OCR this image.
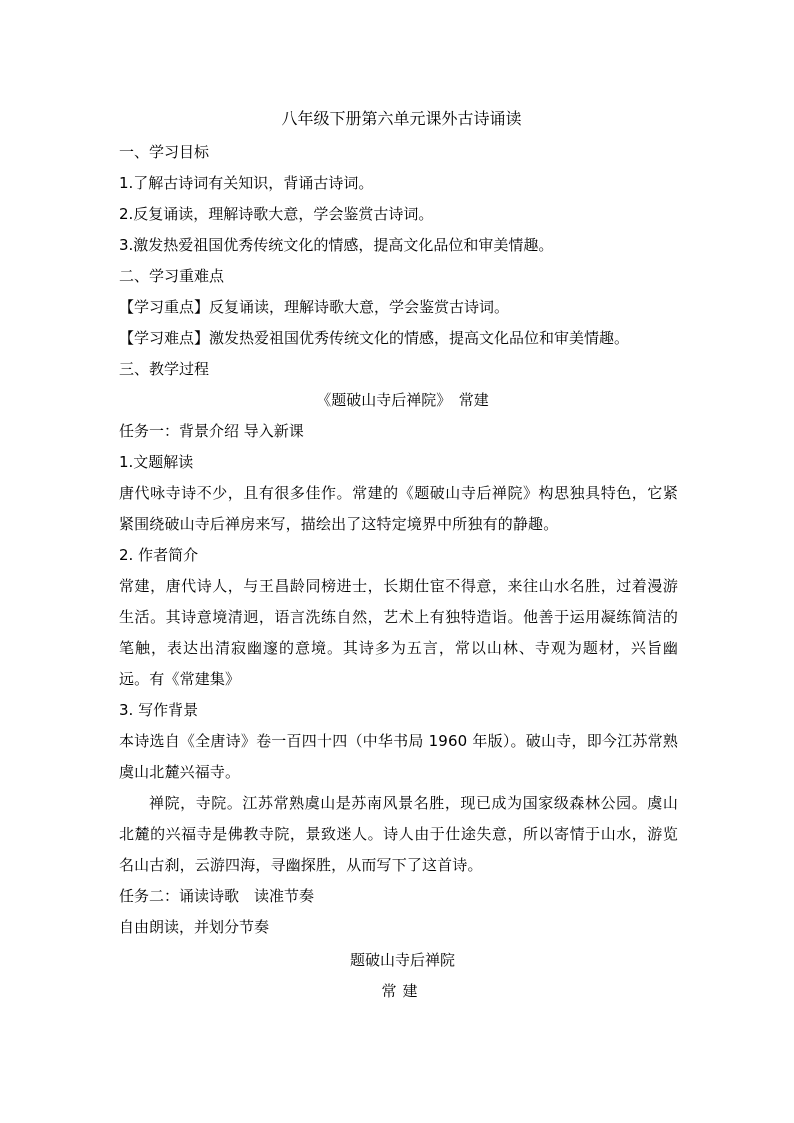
八年级下册第六单元课外古诗诵读

一、学习目标

1.了解古诗词有关知识，背诵古诗词。

2.反复诵读，理解诗歌大意，学会鉴赏古诗词。

3.激发热爱祖国优秀传统文化的情感，提高文化品位和审美情趣。

二、学习重难点

【学习重点】反复诵读，理解诗歌大意，学会鉴赏古诗词。

【学习难点】激发热爱祖国优秀传统文化的情感，提高文化品位和审美情趣。

三、教学过程

《题破山寺后禅院》　常建

任务一：背景介绍 导入新课

1.文题解读

唐代咏寺诗不少，且有很多佳作。常建的《题破山寺后禅院》构思独具特色，它紧紧围绕破山寺后禅房来写，描绘出了这特定境界中所独有的静趣。

2. 作者简介

常建，唐代诗人，与王昌龄同榜进士，长期仕宦不得意，来往山水名胜，过着漫游生活。其诗意境清迥，语言洗练自然，艺术上有独特造诣。他善于运用凝练简洁的笔触，表达出清寂幽邃的意境。其诗多为五言，常以山林、寺观为题材，兴旨幽远。有《常建集》

3. 写作背景

本诗选自《全唐诗》卷一百四十四（中华书局 1960 年版）。破山寺，即今江苏常熟虞山北麓兴福寺。

禅院，寺院。江苏常熟虞山是苏南风景名胜，现已成为国家级森林公园。虞山北麓的兴福寺是佛教寺院，景致迷人。诗人由于仕途失意，所以寄情于山水，游览名山古刹，云游四海，寻幽探胜，从而写下了这首诗。

任务二：诵读诗歌　读准节奏

自由朗读，并划分节奏

题破山寺后禅院

常建
